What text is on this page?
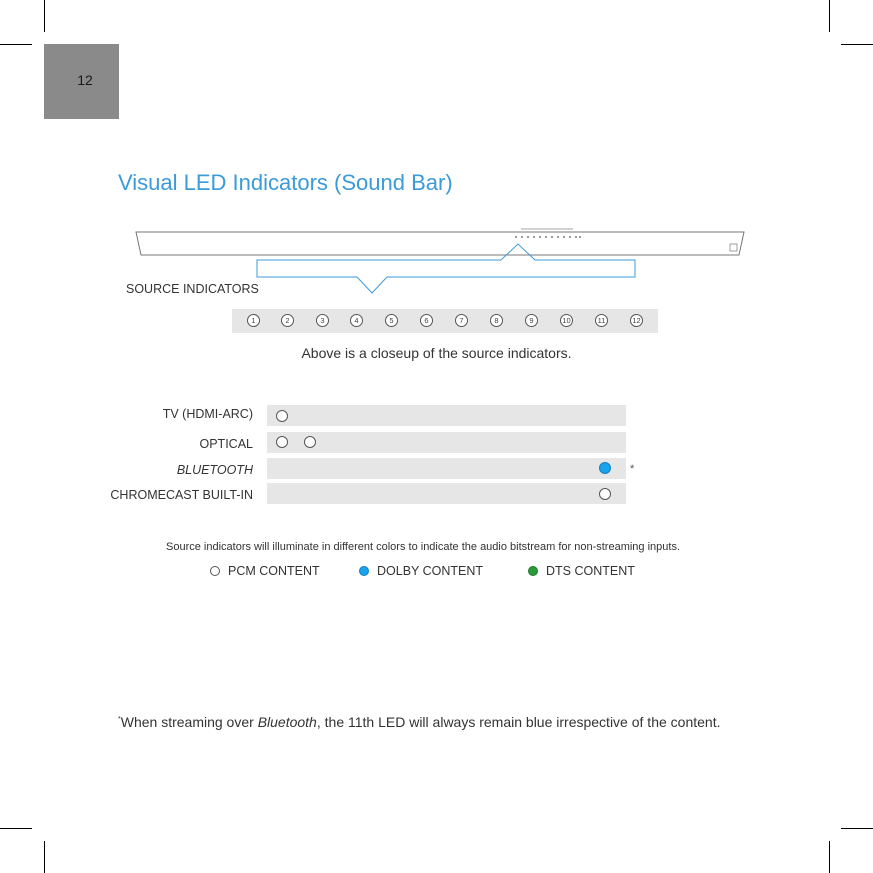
12
Visual LED Indicators (Sound Bar)
SOURCE INDICATORS
1	2	3	4	5	6	7	8	9	10	11	12
Above is a closeup of the source indicators.
TV (HDMI-ARC)
OPTICAL
BLUETOOTH	*
CHROMECAST BUILT-IN
Source indicators will illuminate in different colors to indicate the audio bitstream for non-streaming inputs.
PCM CONTENT	DOLBY CONTENT	DTS CONTENT
*When streaming over Bluetooth, the 11th LED will always remain blue irrespective of the content.
